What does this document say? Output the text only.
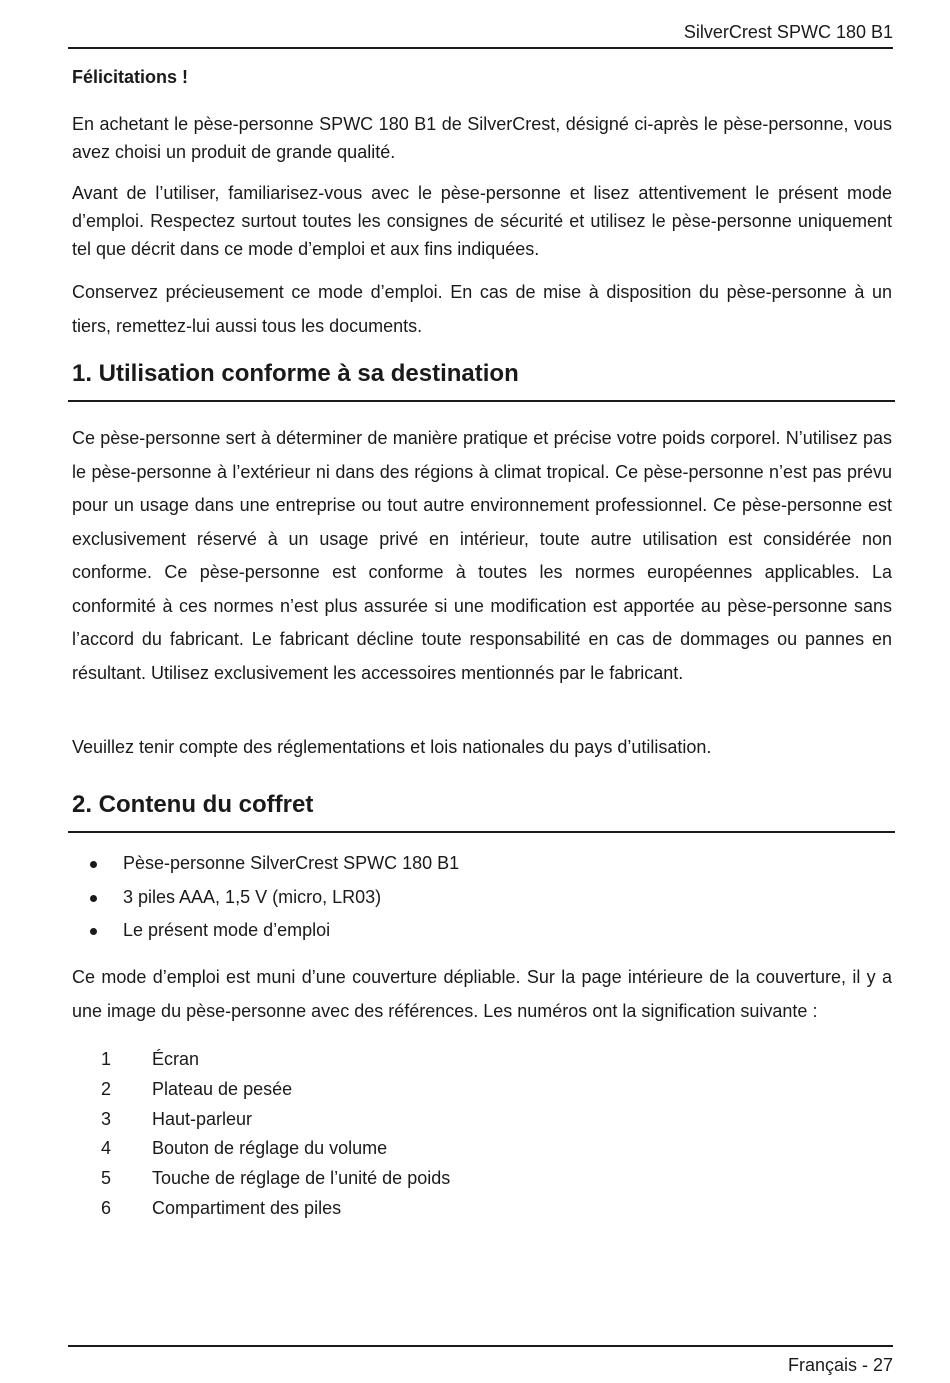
SilverCrest SPWC 180 B1
Félicitations !

En achetant le pèse-personne SPWC 180 B1 de SilverCrest, désigné ci-après le pèse-personne, vous avez choisi un produit de grande qualité.

Avant de l’utiliser, familiarisez-vous avec le pèse-personne et lisez attentivement le présent mode d’emploi. Respectez surtout toutes les consignes de sécurité et utilisez le pèse-personne uniquement tel que décrit dans ce mode d’emploi et aux fins indiquées.

Conservez précieusement ce mode d’emploi. En cas de mise à disposition du pèse-personne à un tiers, remettez-lui aussi tous les documents.

1. Utilisation conforme à sa destination

Ce pèse-personne sert à déterminer de manière pratique et précise votre poids corporel. N’utilisez pas le pèse-personne à l’extérieur ni dans des régions à climat tropical. Ce pèse-personne n’est pas prévu pour un usage dans une entreprise ou tout autre environnement professionnel. Ce pèse-personne est exclusivement réservé à un usage privé en intérieur, toute autre utilisation est considérée non conforme. Ce pèse-personne est conforme à toutes les normes européennes applicables. La conformité à ces normes n’est plus assurée si une modification est apportée au pèse-personne sans l’accord du fabricant. Le fabricant décline toute responsabilité en cas de dommages ou pannes en résultant. Utilisez exclusivement les accessoires mentionnés par le fabricant.

Veuillez tenir compte des réglementations et lois nationales du pays d’utilisation.

2. Contenu du coffret
Pèse-personne SilverCrest SPWC 180 B1
3 piles AAA, 1,5 V (micro, LR03)
Le présent mode d’emploi

Ce mode d’emploi est muni d’une couverture dépliable. Sur la page intérieure de la couverture, il y a une image du pèse-personne avec des références. Les numéros ont la signification suivante :

1	Écran
2	Plateau de pesée
3	Haut-parleur
4	Bouton de réglage du volume
5	Touche de réglage de l’unité de poids
6	Compartiment des piles
Français - 27
